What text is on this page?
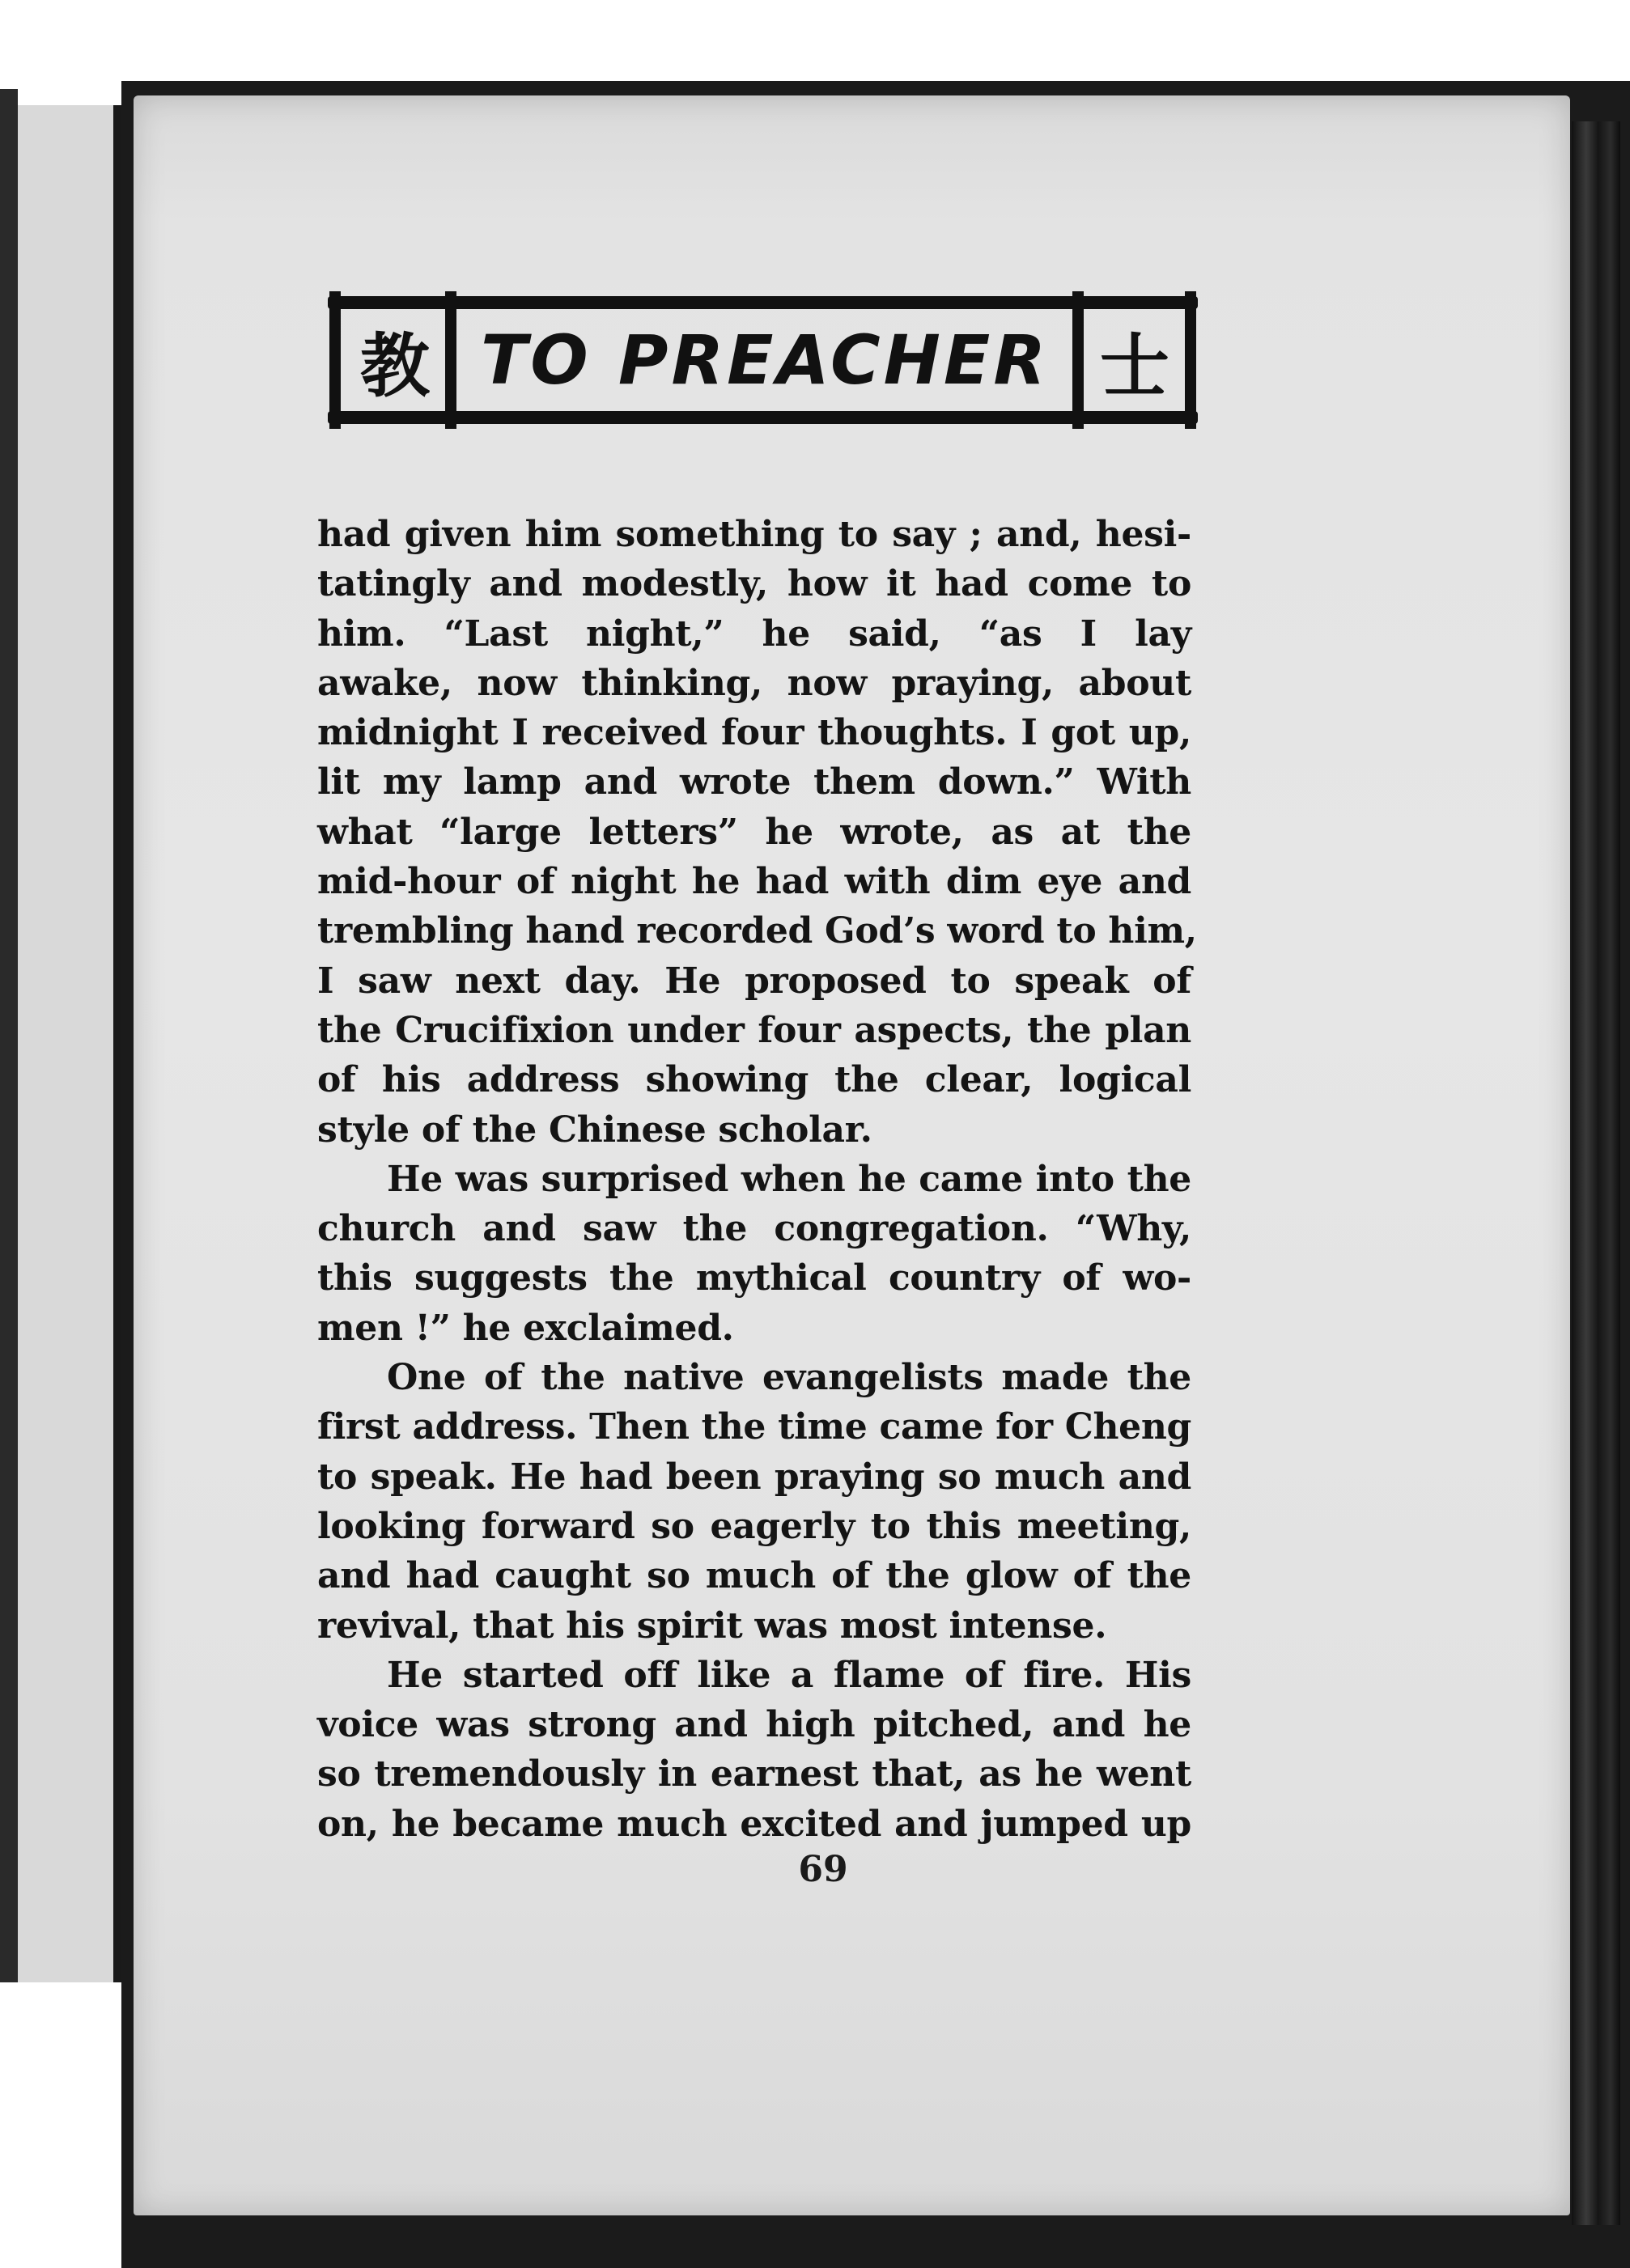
教 TO PREACHER 士
had given him something to say ; and, hesi-
tatingly and modestly, how it had come to
him. “Last night,” he said, “as I lay
awake, now thinking, now praying, about
midnight I received four thoughts. I got up,
lit my lamp and wrote them down.” With
what “large letters” he wrote, as at the
mid-hour of night he had with dim eye and
trembling hand recorded God’s word to him,
I saw next day. He proposed to speak of
the Crucifixion under four aspects, the plan
of his address showing the clear, logical
style of the Chinese scholar.
He was surprised when he came into the
church and saw the congregation. “Why,
this suggests the mythical country of wo-
men !” he exclaimed.
One of the native evangelists made the
first address. Then the time came for Cheng
to speak. He had been praying so much and
looking forward so eagerly to this meeting,
and had caught so much of the glow of the
revival, that his spirit was most intense.
He started off like a flame of fire. His
voice was strong and high pitched, and he
so tremendously in earnest that, as he went
on, he became much excited and jumped up
69
